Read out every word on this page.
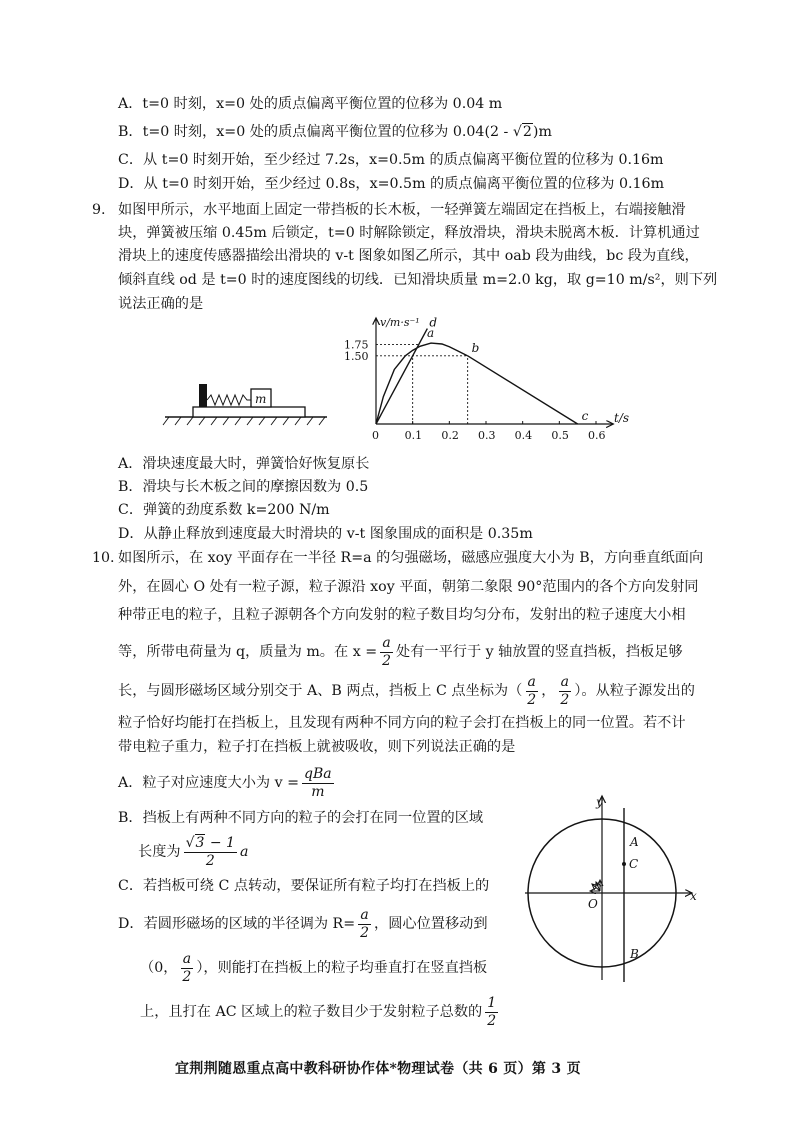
A．t=0 时刻，x=0 处的质点偏离平衡位置的位移为 0.04 m
B．t=0 时刻，x=0 处的质点偏离平衡位置的位移为 0.04(2 - √2)m
C．从 t=0 时刻开始，至少经过 7.2s，x=0.5m 的质点偏离平衡位置的位移为 0.16m
D．从 t=0 时刻开始，至少经过 0.8s，x=0.5m 的质点偏离平衡位置的位移为 0.16m
9. 如图甲所示，水平地面上固定一带挡板的长木板，一轻弹簧左端固定在挡板上，右端接触滑
块，弹簧被压缩 0.45m 后锁定，t=0 时解除锁定，释放滑块，滑块未脱离木板．计算机通过
滑块上的速度传感器描绘出滑块的 v-t 图象如图乙所示，其中 oab 段为曲线，bc 段为直线，
倾斜直线 od 是 t=0 时的速度图线的切线．已知滑块质量 m=2.0 kg，取 g=10 m/s²，则下列
说法正确的是
m
v/m·s⁻¹
t/s
0 0.1 0.2 0.3 0.4 0.5 0.6
1.50
1.75
a
b
c
d
A．滑块速度最大时，弹簧恰好恢复原长
B．滑块与长木板之间的摩擦因数为 0.5
C．弹簧的劲度系数 k=200 N/m
D．从静止释放到速度最大时滑块的 v-t 图象围成的面积是 0.35m
10. 如图所示，在 xoy 平面存在一半径 R=a 的匀强磁场，磁感应强度大小为 B，方向垂直纸面向
外，在圆心 O 处有一粒子源，粒子源沿 xoy 平面，朝第二象限 90°范围内的各个方向发射同
种带正电的粒子，且粒子源朝各个方向发射的粒子数目均匀分布，发射出的粒子速度大小相
等，所带电荷量为 q，质量为 m。在 $x = \frac{a}{2}$ 处有一平行于 y 轴放置的竖直挡板，挡板足够
长，与圆形磁场区域分别交于 A、B 两点，挡板上 C 点坐标为（ $\frac{a}{2}$ ， $\frac{a}{2}$ ）。从粒子源发出的
粒子恰好均能打在挡板上，且发现有两种不同方向的粒子会打在挡板上的同一位置。若不计
带电粒子重力，粒子打在挡板上就被吸收，则下列说法正确的是
A．粒子对应速度大小为 $v = \frac{\text{qBa}}{m}$
B．挡板上有两种不同方向的粒子的会打在同一位置的区域
长度为 $\frac{√3 - 1}{2}$ a
C．若挡板可绕 C 点转动，要保证所有粒子均打在挡板上的
D．若圆形磁场的区域的半径调为 $R= \frac{a}{2}$ ，圆心位置移动到
（0， $\frac{a}{2}$ ），则能打在挡板上的粒子均垂直打在竖直挡板
上，且打在 AC 区域上的粒子数目少于发射粒子总数的 $\frac{1}{2}$
y
x
O
A
C
B
宜荆荆随恩重点高中教科研协作体*物理试卷（共 6 页）第 3 页
